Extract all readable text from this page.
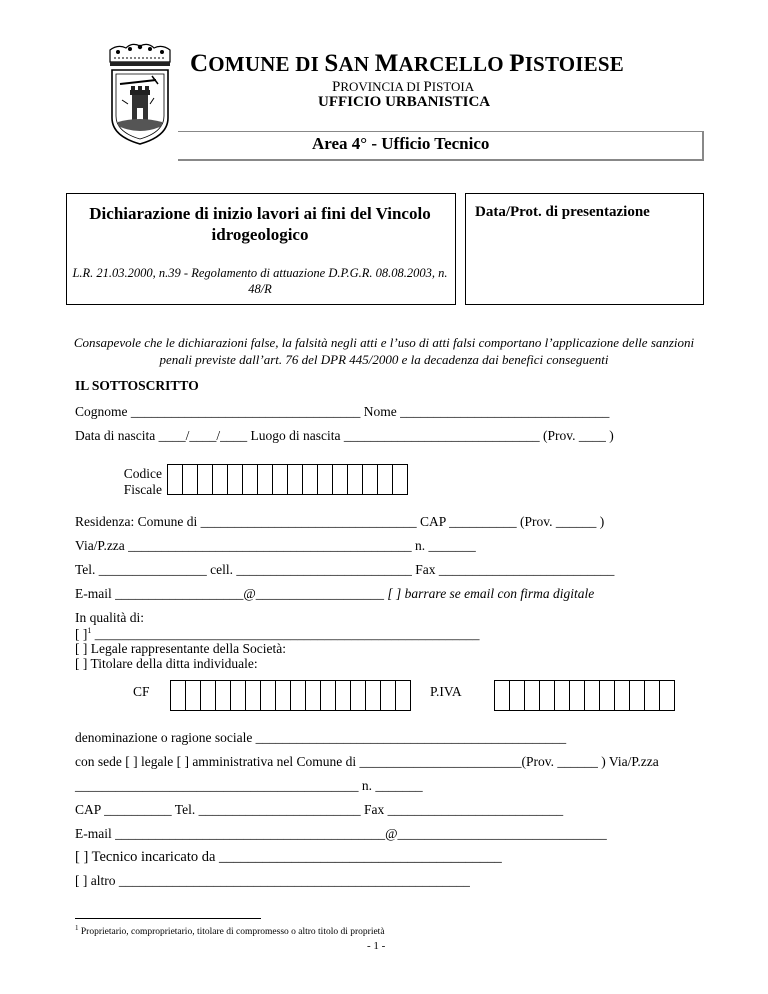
COMUNE DI SAN MARCELLO PISTOIESE
PROVINCIA DI PISTOIA
UFFICIO URBANISTICA
Area 4° - Ufficio Tecnico
Dichiarazione di inizio lavori ai fini del Vincolo idrogeologico
L.R. 21.03.2000, n.39 - Regolamento di attuazione D.P.G.R. 08.08.2003, n. 48/R
Data/Prot. di presentazione
Consapevole che le dichiarazioni false, la falsità negli atti e l’uso di atti falsi comportano l’applicazione delle sanzioni penali previste dall’art. 76 del DPR 445/2000 e la decadenza dai benefici conseguenti
IL SOTTOSCRITTO
Cognome __________________________________ Nome _______________________________
Data di nascita ____/____/____ Luogo di nascita _____________________________ (Prov. ____ )
Codice
Fiscale
Residenza: Comune di ________________________________ CAP __________ (Prov. ______ )
Via/P.zza __________________________________________ n. _______
Tel. ________________ cell. __________________________ Fax __________________________
E-mail ___________________@___________________ [ ] barrare se email con firma digitale
In qualità di:
[ ]$^1$ _________________________________________________________
[ ] Legale rappresentante della Società:
[ ] Titolare della ditta individuale:
CF	P.IVA
denominazione o ragione sociale ______________________________________________
con sede [ ] legale [ ] amministrativa nel Comune di ________________________(Prov. ______ ) Via/P.zza
__________________________________________ n. _______
CAP __________ Tel. ________________________ Fax __________________________
E-mail ________________________________________@_______________________________
[ ] Tecnico incaricato da _______________________________________
[ ] altro ____________________________________________________
$^1$ Proprietario, comproprietario, titolare di compromesso o altro titolo di proprietà
- 1 -
